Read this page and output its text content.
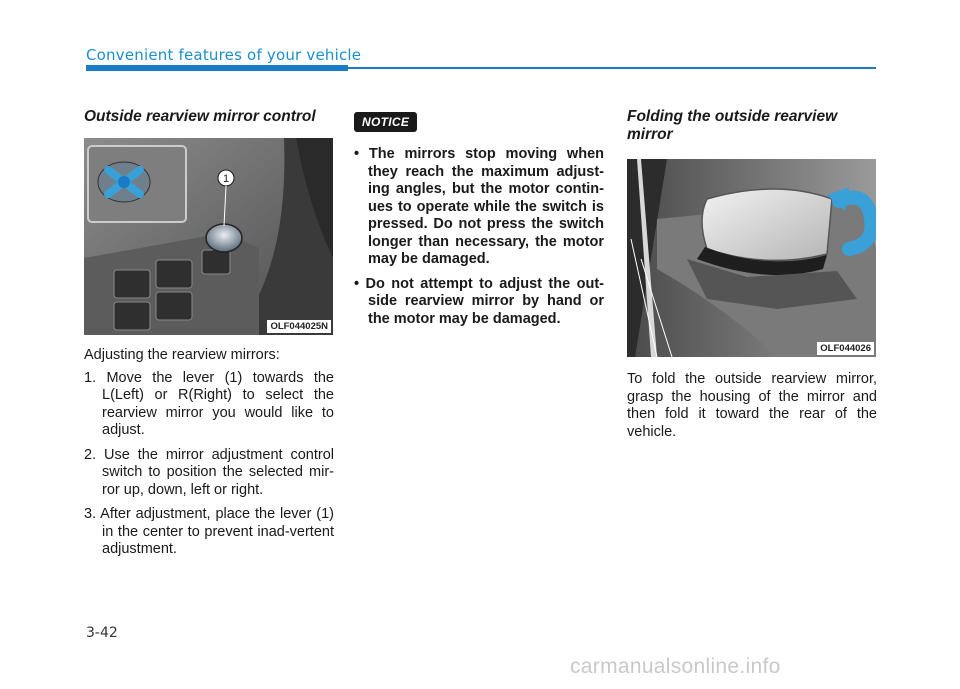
Convenient features of your vehicle
Outside rearview mirror control
1
OLF044025N

Adjusting the rearview mirrors:

1. Move the lever (1) towards the L(Left) or R(Right) to select the rearview mirror you would like to adjust.
2. Use the mirror adjustment control switch to position the selected mir-ror up, down, left or right.
3. After adjustment, place the lever (1) in the center to prevent inad-vertent adjustment.
NOTICE
• The mirrors stop moving when they reach the maximum adjust-ing angles, but the motor contin-ues to operate while the switch is pressed. Do not press the switch longer than necessary, the motor may be damaged.
• Do not attempt to adjust the out-side rearview mirror by hand or the motor may be damaged.
Folding the outside rearview mirror
OLF044026

To fold the outside rearview mirror, grasp the housing of the mirror and then fold it toward the rear of the vehicle.

3-42
carmanualsonline.info
